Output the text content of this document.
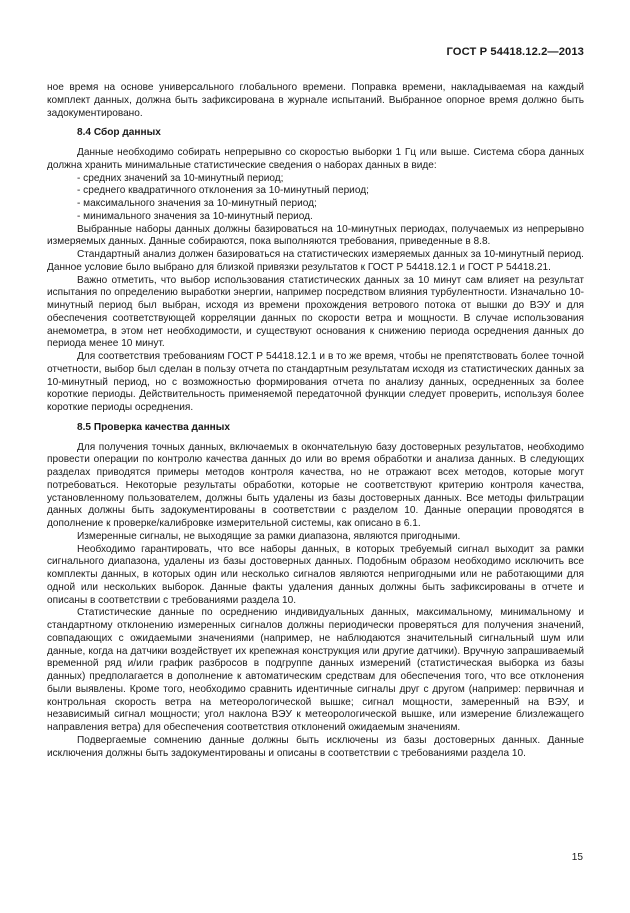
ГОСТ Р 54418.12.2—2013

ное время на основе универсального глобального времени. Поправка времени, накладываемая на каждый комплект данных, должна быть зафиксирована в журнале испытаний. Выбранное опорное время должно быть задокументировано.

8.4 Сбор данных

Данные необходимо собирать непрерывно со скоростью выборки 1 Гц или выше. Система сбора данных должна хранить минимальные статистические сведения о наборах данных в виде:

- средних значений за 10-минутный период;

- среднего квадратичного отклонения за 10-минутный период;

- максимального значения за 10-минутный период;

- минимального значения за 10-минутный период.

Выбранные наборы данных должны базироваться на 10-минутных периодах, получаемых из непрерывно измеряемых данных. Данные собираются, пока выполняются требования, приведенные в 8.8.

Стандартный анализ должен базироваться на статистических измеряемых данных за 10-минутный период. Данное условие было выбрано для близкой привязки результатов к ГОСТ Р 54418.12.1 и ГОСТ Р 54418.21.

Важно отметить, что выбор использования статистических данных за 10 минут сам влияет на результат испытания по определению выработки энергии, например посредством влияния турбулентности. Изначально 10-минутный период был выбран, исходя из времени прохождения ветрового потока от вышки до ВЭУ и для обеспечения соответствующей корреляции данных по скорости ветра и мощности. В случае использования анемометра, в этом нет необходимости, и существуют основания к снижению периода осреднения данных до периода менее 10 минут.

Для соответствия требованиям ГОСТ Р 54418.12.1 и в то же время, чтобы не препятствовать более точной отчетности, выбор был сделан в пользу отчета по стандартным результатам исходя из статистических данных за 10-минутный период, но с возможностью формирования отчета по анализу данных, осредненных за более короткие периоды. Действительность применяемой передаточной функции следует проверить, используя более короткие периоды осреднения.

8.5 Проверка качества данных

Для получения точных данных, включаемых в окончательную базу достоверных результатов, необходимо провести операции по контролю качества данных до или во время обработки и анализа данных. В следующих разделах приводятся примеры методов контроля качества, но не отражают всех методов, которые могут потребоваться. Некоторые результаты обработки, которые не соответствуют критерию контроля качества, установленному пользователем, должны быть удалены из базы достоверных данных. Все методы фильтрации данных должны быть задокументированы в соответствии с разделом 10. Данные операции проводятся в дополнение к проверке/калибровке измерительной системы, как описано в 6.1.

Измеренные сигналы, не выходящие за рамки диапазона, являются пригодными.

Необходимо гарантировать, что все наборы данных, в которых требуемый сигнал выходит за рамки сигнального диапазона, удалены из базы достоверных данных. Подобным образом необходимо исключить все комплекты данных, в которых один или несколько сигналов являются непригодными или не работающими для одной или нескольких выборок. Данные факты удаления данных должны быть зафиксированы в отчете и описаны в соответствии с требованиями раздела 10.

Статистические данные по осреднению индивидуальных данных, максимальному, минимальному и стандартному отклонению измеренных сигналов должны периодически проверяться для получения значений, совпадающих с ожидаемыми значениями (например, не наблюдаются значительный сигнальный шум или данные, когда на датчики воздействует их крепежная конструкция или другие датчики). Вручную запрашиваемый временной ряд и/или график разбросов в подгруппе данных измерений (статистическая выборка из базы данных) предполагается в дополнение к автоматическим средствам для обеспечения того, что все отклонения были выявлены. Кроме того, необходимо сравнить идентичные сигналы друг с другом (например: первичная и контрольная скорость ветра на метеорологической вышке; сигнал мощности, замеренный на ВЭУ, и независимый сигнал мощности; угол наклона ВЭУ к метеорологической вышке, или измерение близлежащего направления ветра) для обеспечения соответствия отклонений ожидаемым значениям.

Подвергаемые сомнению данные должны быть исключены из базы достоверных данных. Данные исключения должны быть задокументированы и описаны в соответствии с требованиями раздела 10.

15
